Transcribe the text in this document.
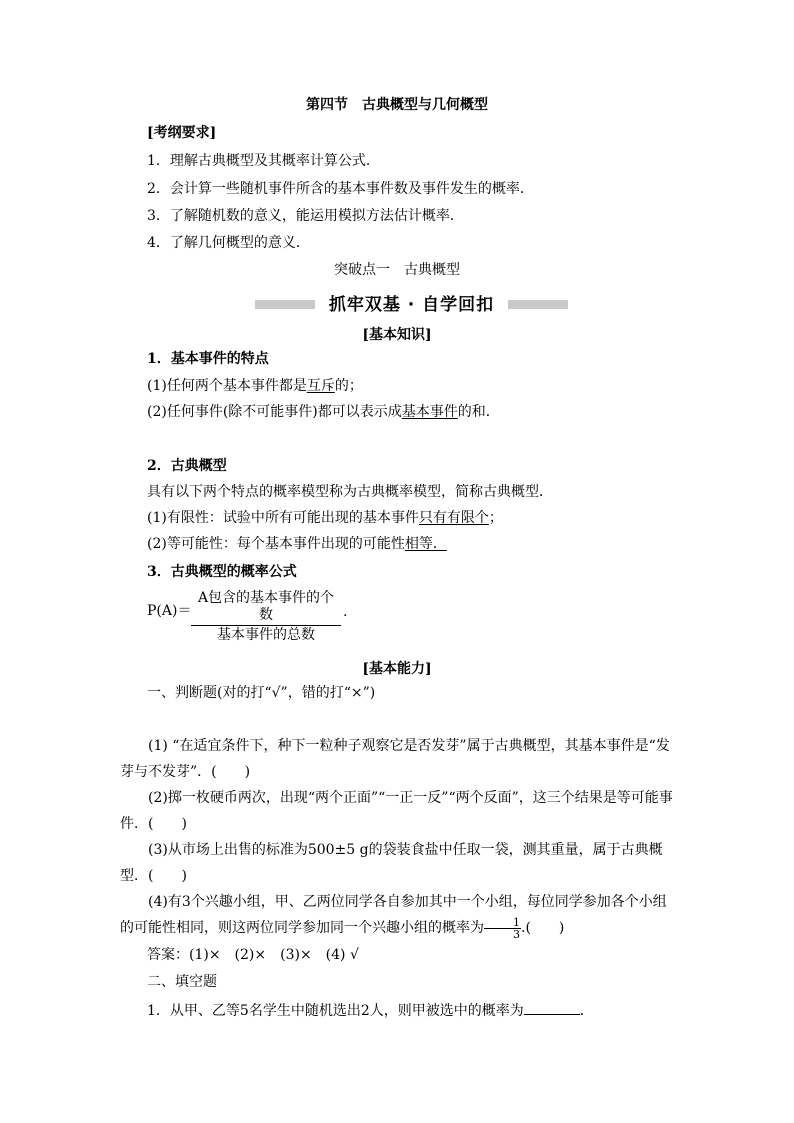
第四节　古典概型与几何概型
[考纲要求]
1．理解古典概型及其概率计算公式．
2．会计算一些随机事件所含的基本事件数及事件发生的概率．
3．了解随机数的意义，能运用模拟方法估计概率．
4．了解几何概型的意义．
突破点一　古典概型
抓牢双基 · 自学回扣
[基本知识]
1．基本事件的特点
(1)任何两个基本事件都是互斥的；
(2)任何事件(除不可能事件)都可以表示成基本事件的和．
2．古典概型
具有以下两个特点的概率模型称为古典概率模型，简称古典概型．
(1)有限性：试验中所有可能出现的基本事件只有有限个；
(2)等可能性：每个基本事件出现的可能性相等．
3．古典概型的概率公式
P(A)＝
A包含的基本事件的个数
基本事件的总数
.
[基本能力]
一、判断题(对的打“√”，错的打“×”)
(1) “在适宜条件下，种下一粒种子观察它是否发芽”属于古典概型，其基本事件是“发芽与不发芽”．(　　)
(2)掷一枚硬币两次，出现“两个正面”“一正一反”“两个反面”，这三个结果是等可能事件．(　　)
(3)从市场上出售的标准为500±5 g的袋装食盐中任取一袋，测其重量，属于古典概型．(　　)
(4)有3个兴趣小组，甲、乙两位同学各自参加其中一个小组，每位同学参加各个小组的可能性相同，则这两位同学参加同一个兴趣小组的概率为 $\frac{1}{3}$ .(　　)
答案：(1)×　(2)×　(3)×　(4) √
二、填空题
1．从甲、乙等5名学生中随机选出2人，则甲被选中的概率为	．
